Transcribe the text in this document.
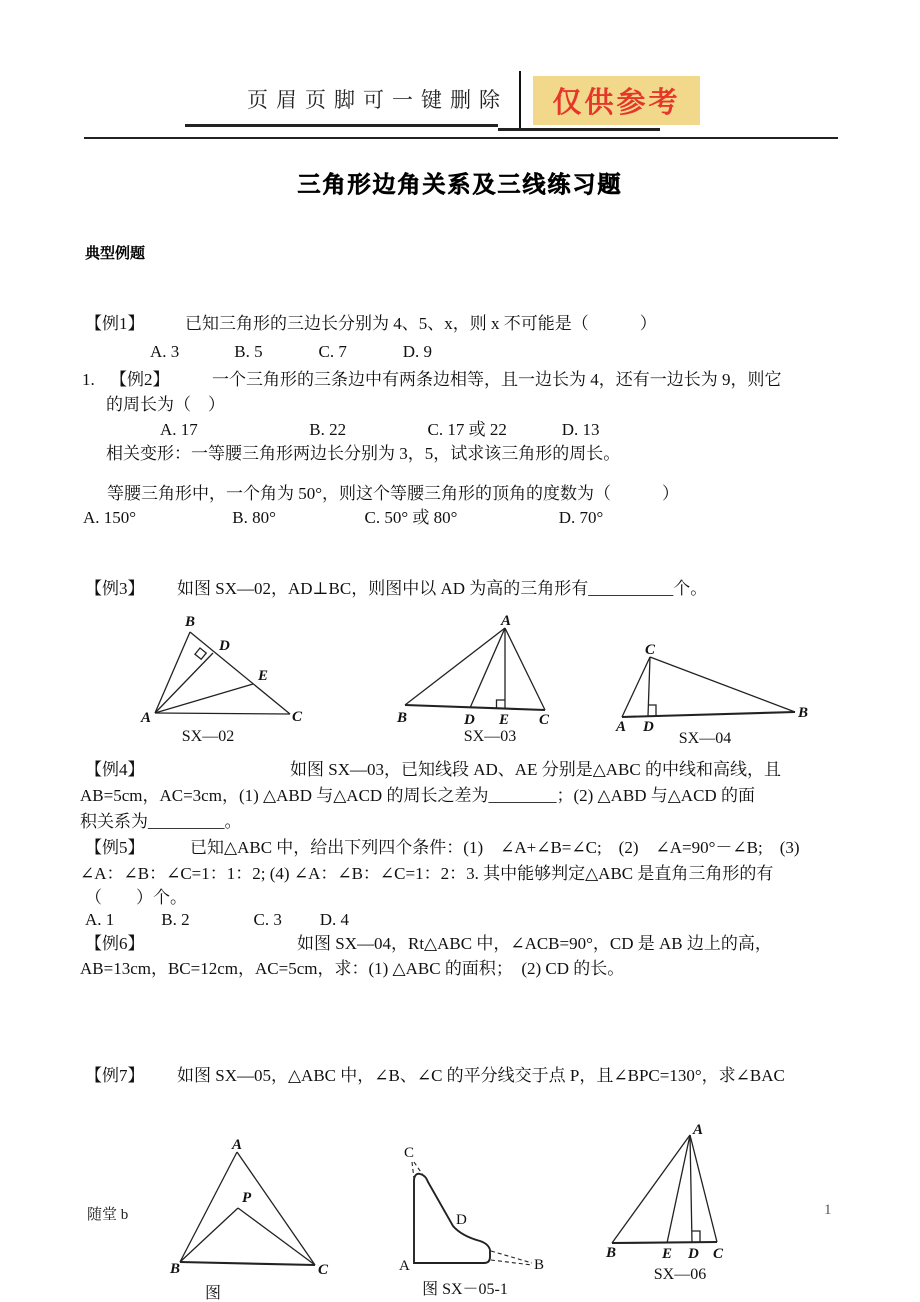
页眉页脚可一键删除	仅供参考
三角形边角关系及三线练习题
典型例题
【例1】 已知三角形的三边长分别为 4、5、x，则 x 不可能是（　　　）
A. 3	B. 5	C. 7	D. 9
1. 【例2】	一个三角形的三条边中有两条边相等，且一边长为 4，还有一边长为 9，则它
的周长为（　）
A. 17	B. 22	C. 17 或 22	D. 13
相关变形：一等腰三角形两边长分别为 3，5，试求该三角形的周长。
等腰三角形中，一个角为 50°，则这个等腰三角形的顶角的度数为（　　　）
A. 150°	B. 80°	C. 50° 或 80°	D. 70°
【例3】 如图 SX—02，AD⊥BC，则图中以 AD 为高的三角形有__________个。
B
D
E
A	C
SX—02
A
B	D E C
SX—03
C
A D
B
SX—04
【例4】	如图 SX—03，已知线段 AD、AE 分别是△ABC 的中线和高线，且
AB=5cm，AC=3cm，(1) △ABD 与△ACD 的周长之差为________；(2) △ABD 与△ACD 的面
积关系为_________。
【例5】	已知△ABC 中，给出下列四个条件：(1)　∠A+∠B=∠C;　(2)　∠A=90°－∠B;　(3)
∠A：∠B：∠C=1：1：2; (4) ∠A：∠B：∠C=1：2：3. 其中能够判定△ABC 是直角三角形的有
（　　）个。
A. 1	B. 2	C. 3 D. 4
【例6】	如图 SX—04，Rt△ABC 中，∠ACB=90°，CD 是 AB 边上的高，
AB=13cm，BC=12cm，AC=5cm，求：(1) △ABC 的面积；　(2) CD 的长。
【例7】 如图 SX—05，△ABC 中，∠B、∠C 的平分线交于点 P，且∠BPC=130°，求∠BAC
A
P
B	C
图
C
D
A	B
图 SX－05-1
A
B	E D C
SX—06
随堂 b	1
